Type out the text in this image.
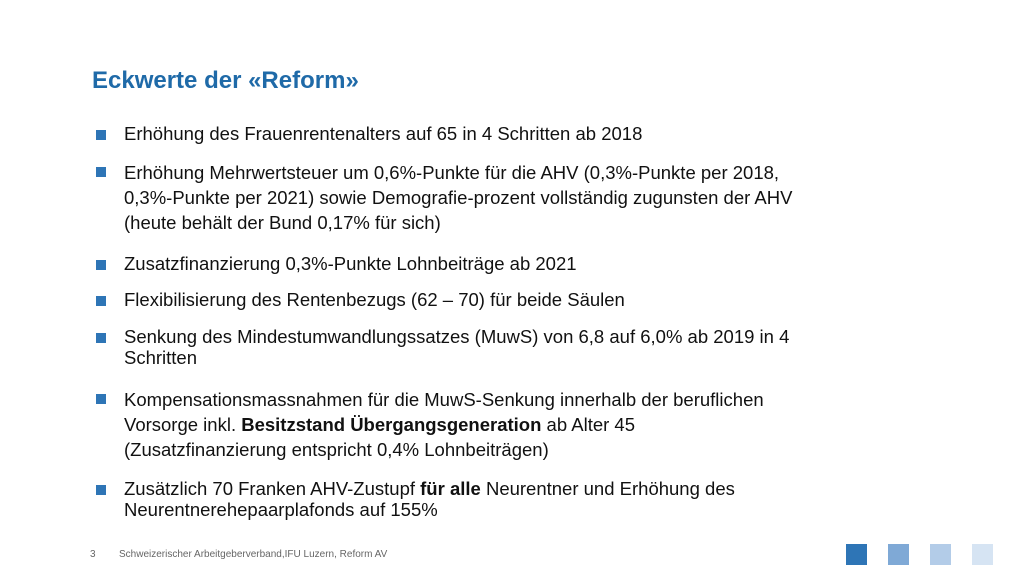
Eckwerte der «Reform»
Erhöhung des Frauenrentenalters auf 65 in 4 Schritten ab 2018
Erhöhung Mehrwertsteuer um 0,6%-Punkte für die AHV (0,3%-Punkte per 2018,
0,3%-Punkte per 2021) sowie Demografie-prozent vollständig zugunsten der AHV
(heute behält der Bund 0,17% für sich)
Zusatzfinanzierung 0,3%-Punkte Lohnbeiträge ab 2021
Flexibilisierung des Rentenbezugs (62 – 70) für beide Säulen
Senkung des Mindestumwandlungssatzes (MuwS) von 6,8 auf 6,0% ab 2019 in 4
Schritten
Kompensationsmassnahmen für die MuwS-Senkung innerhalb der beruflichen
Vorsorge inkl. Besitzstand Übergangsgeneration ab Alter 45
(Zusatzfinanzierung entspricht 0,4% Lohnbeiträgen)
Zusätzlich 70 Franken AHV-Zustupf für alle Neurentner und Erhöhung des
Neurentnerehepaarplafonds auf 155%
3 Schweizerischer Arbeitgeberverband,IFU Luzern, Reform AV
